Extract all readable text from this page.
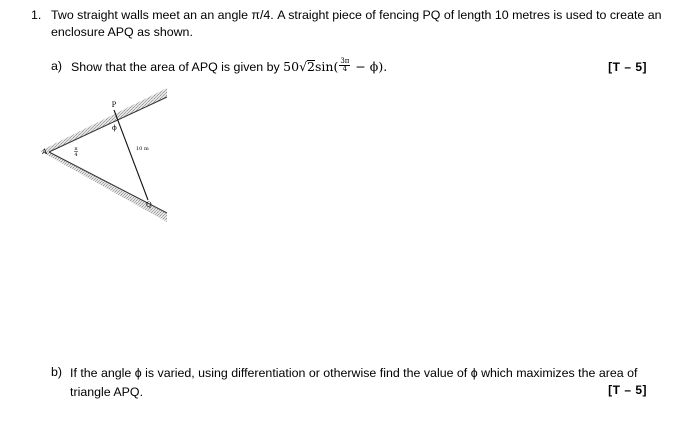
1. Two straight walls meet an an angle π/4. A straight piece of fencing PQ of length 10 metres is used to create an
enclosure APQ as shown.
a) Show that the area of APQ is given by $50√2\sin( \frac{3\pi}{4} - \phi)$.	[T – 5]
P
A
Q
ϕ
π
4
10 m
b) If the angle ϕ is varied, using differentiation or otherwise find the value of ϕ which maximizes the area of
triangle APQ.	[T – 5]
